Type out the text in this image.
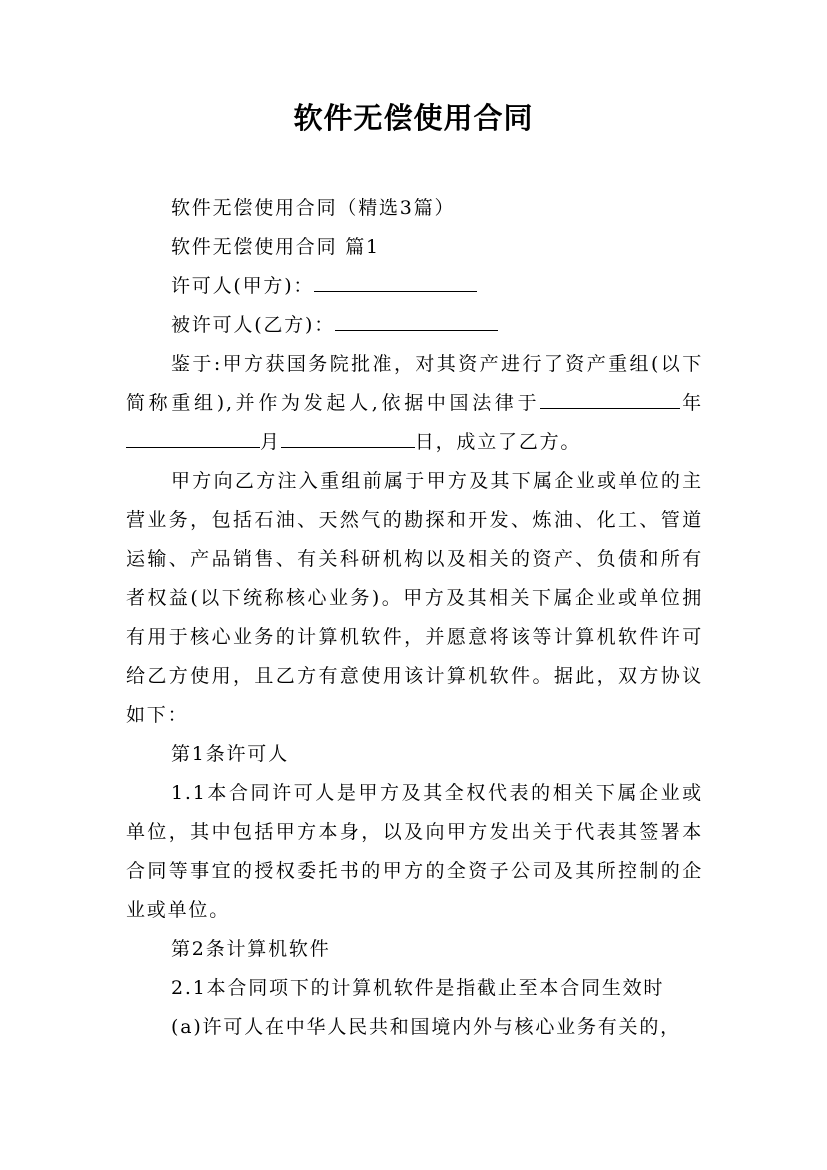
软件无偿使用合同

软件无偿使用合同（精选3篇）

软件无偿使用合同 篇1

许可人(甲方)：

被许可人(乙方)：

鉴于:甲方获国务院批准，对其资产进行了资产重组(以下简称重组),并作为发起人,依据中国法律于	年月	日，成立了乙方。

甲方向乙方注入重组前属于甲方及其下属企业或单位的主营业务，包括石油、天然气的勘探和开发、炼油、化工、管道运输、产品销售、有关科研机构以及相关的资产、负债和所有者权益(以下统称核心业务)。甲方及其相关下属企业或单位拥有用于核心业务的计算机软件，并愿意将该等计算机软件许可给乙方使用，且乙方有意使用该计算机软件。据此，双方协议如下：

第1条许可人

1.1本合同许可人是甲方及其全权代表的相关下属企业或单位，其中包括甲方本身，以及向甲方发出关于代表其签署本合同等事宜的授权委托书的甲方的全资子公司及其所控制的企业或单位。

第2条计算机软件

2.1本合同项下的计算机软件是指截止至本合同生效时

(a)许可人在中华人民共和国境内外与核心业务有关的，
